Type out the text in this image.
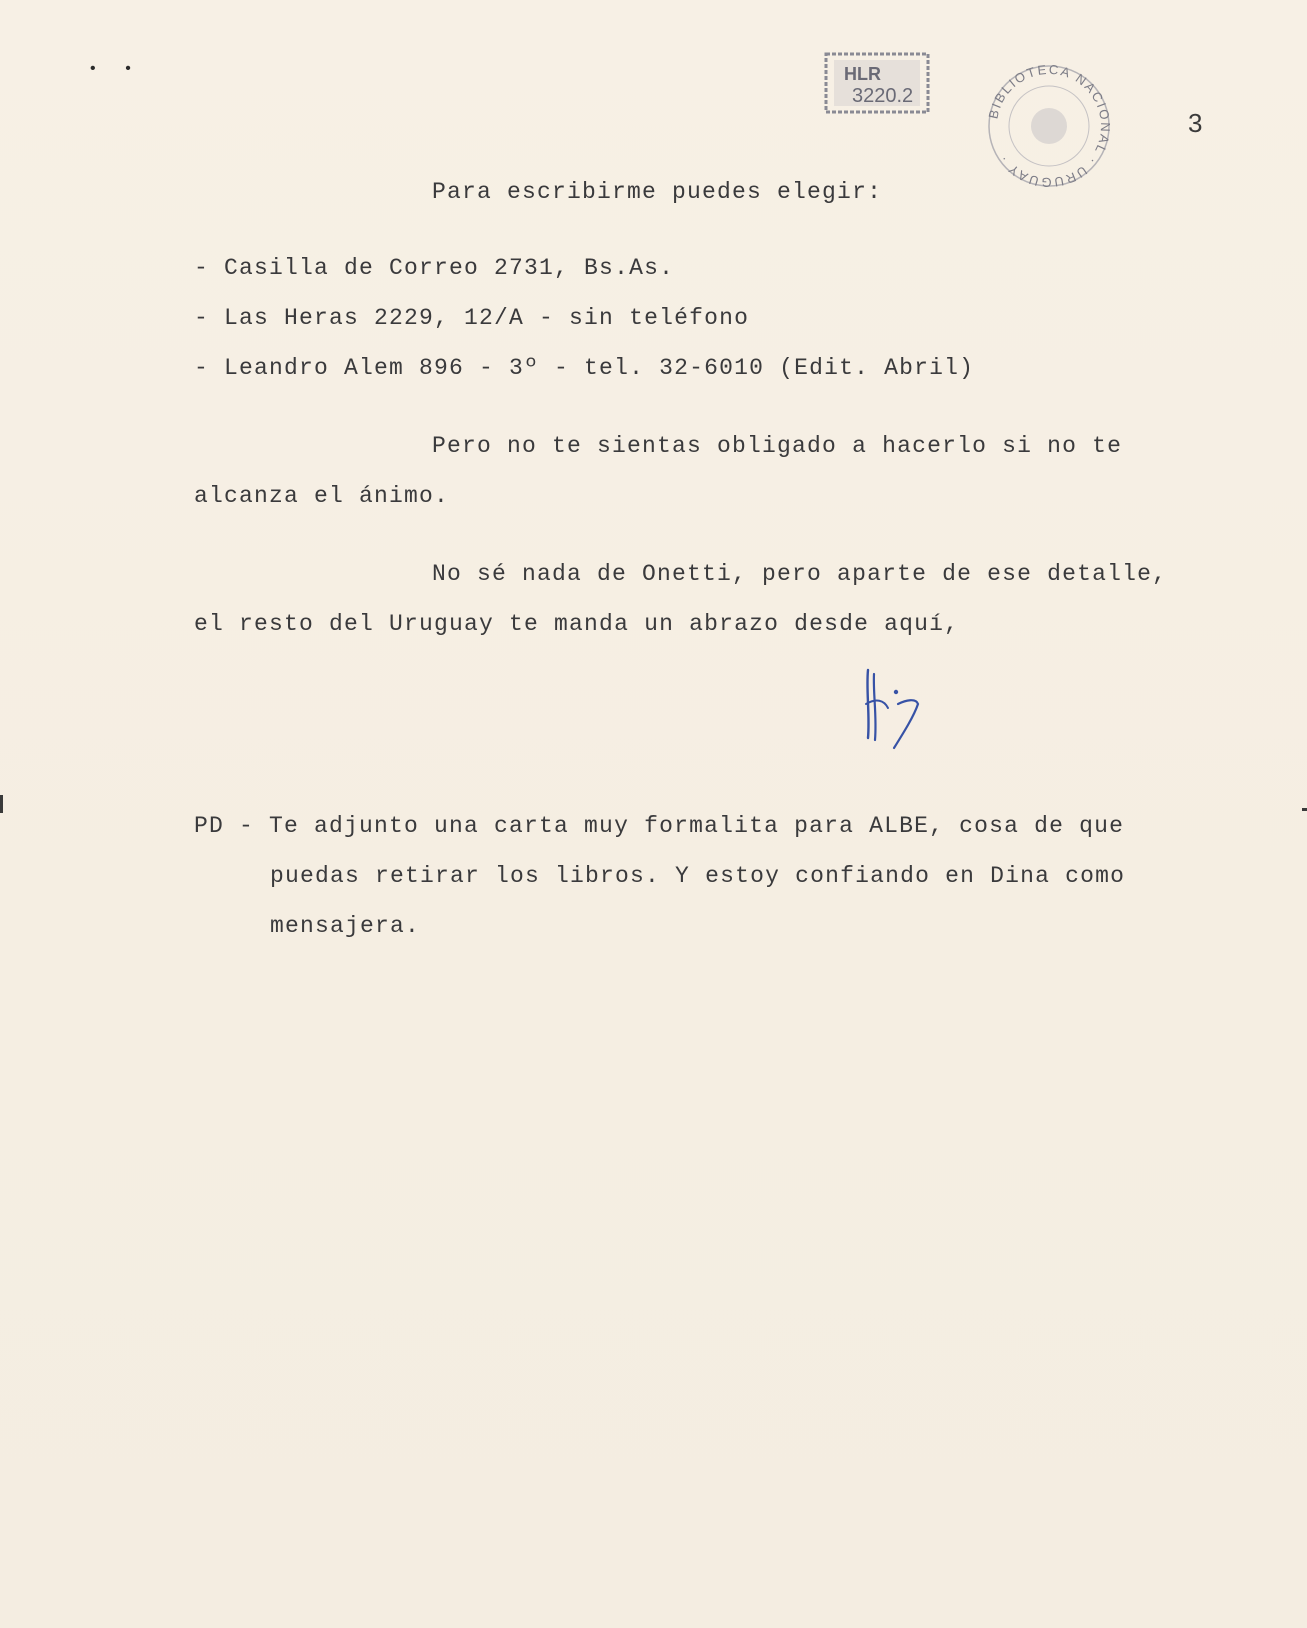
• •	HLR
3220.2
BIBLIOTECA NACIONAL · URUGUAY ·
3
Para escribirme puedes elegir:
- Casilla de Correo 2731, Bs.As.
- Las Heras 2229, 12/A - sin teléfono
- Leandro Alem 896 - 3º - tel. 32-6010 (Edit. Abril)
Pero no te sientas obligado a hacerlo si no te
alcanza el ánimo.
No sé nada de Onetti, pero aparte de ese detalle,
el resto del Uruguay te manda un abrazo desde aquí,
PD - Te adjunto una carta muy formalita para ALBE, cosa de que
puedas retirar los libros. Y estoy confiando en Dina como
mensajera.
